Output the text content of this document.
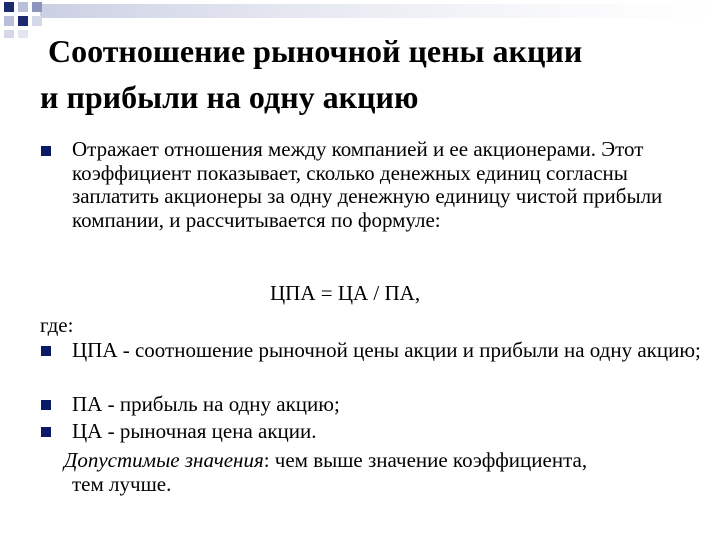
Соотношение рыночной цены акции
и прибыли на одну акцию

Отражает отношения между компанией и ее акционерами. Этот коэффициент показывает, сколько денежных единиц согласны заплатить акционеры за одну денежную единицу чистой прибыли компании, и рассчитывается по формуле:

ЦПА = ЦА / ПА,
где:

ЦПА - соотношение рыночной цены акции и прибыли на одну акцию;

ПА - прибыль на одну акцию;

ЦА - рыночная цена акции.

Допустимые значения: чем выше значение коэффициента,
тем лучше.
